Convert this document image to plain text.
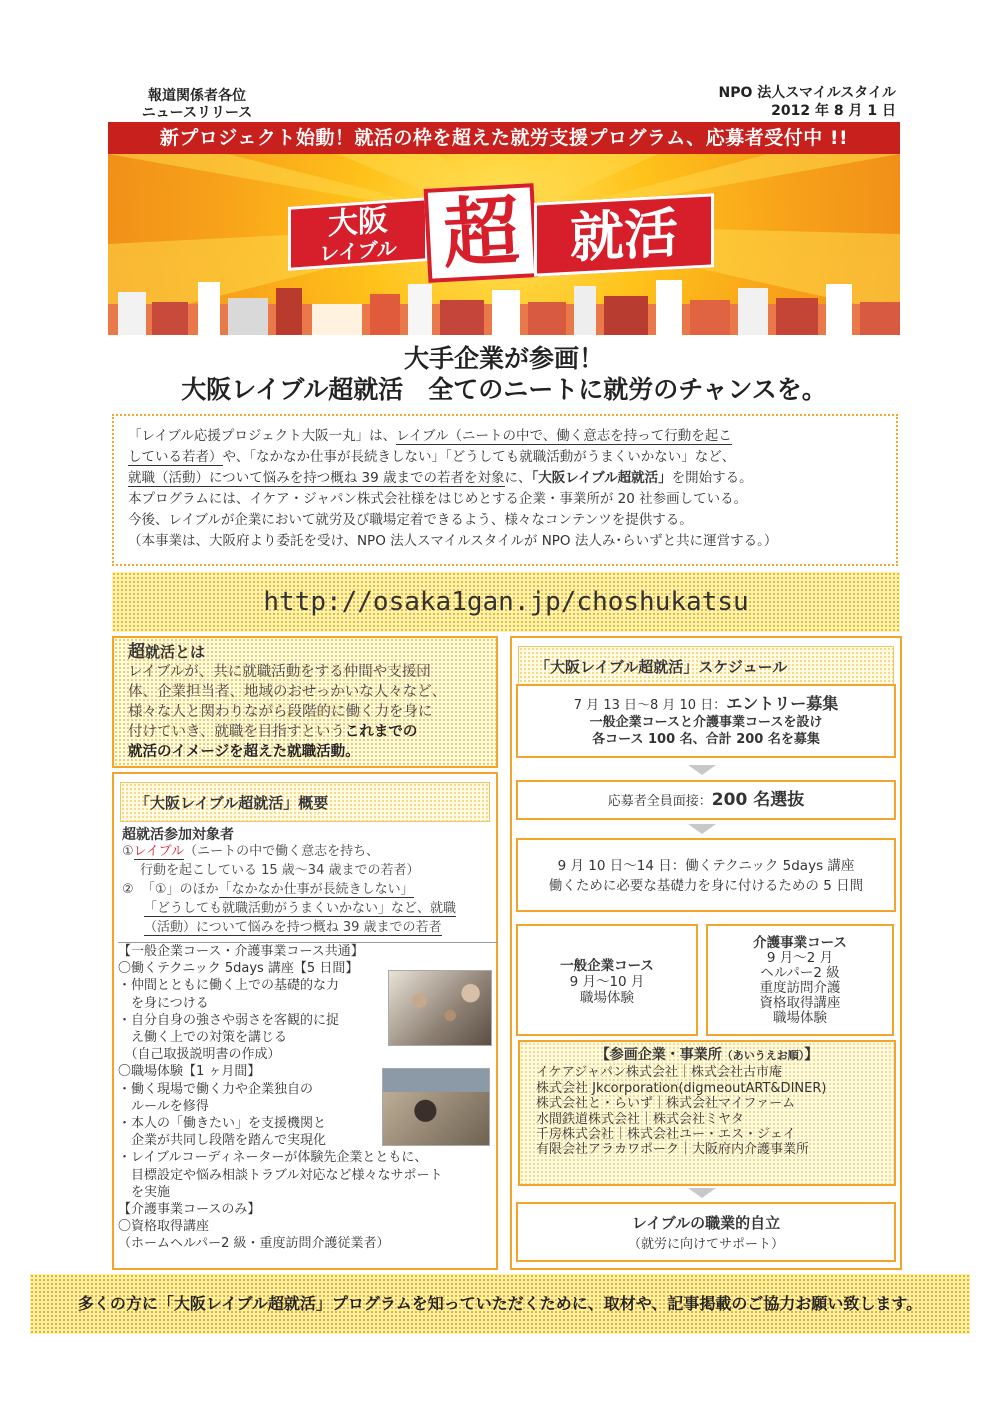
報道関係者各位
ニュースリリース
NPO 法人スマイルスタイル
2012 年 8 月 1 日
新プロジェクト始動！就活の枠を超えた就労支援プログラム、応募者受付中 !!
大阪
レイブル 超 就活
大手企業が参画！
大阪レイブル超就活　全てのニートに就労のチャンスを。

「レイブル応援プロジェクト大阪一丸」は、レイブル（ニートの中で、働く意志を持って行動を起こ

している若者）や、「なかなか仕事が長続きしない」「どうしても就職活動がうまくいかない」など、

就職（活動）について悩みを持つ概ね 39 歳までの若者を対象に、「大阪レイブル超就活」を開始する。

本プログラムには、イケア・ジャパン株式会社様をはじめとする企業・事業所が 20 社参画している。

今後、レイブルが企業において就労及び職場定着できるよう、様々なコンテンツを提供する。

（本事業は、大阪府より委託を受け、NPO 法人スマイルスタイルが NPO 法人み･らいずと共に運営する。）

http://osaka1gan.jp/choshukatsu
超就活とは
レイブルが、共に就職活動をする仲間や支援団
体、企業担当者、地域のおせっかいな人々など、
様々な人と関わりながら段階的に働く力を身に
付けていき、就職を目指すというこれまでの
就活のイメージを超えた就職活動。
「大阪レイブル超就活」概要
超就活参加対象者
①レイブル（ニートの中で働く意志を持ち、
行動を起こしている 15 歳～34 歳までの若者）
② 「①」のほか「なかなか仕事が長続きしない」
「どうしても就職活動がうまくいかない」など、就職
（活動）について悩みを持つ概ね 39 歳までの若者
【一般企業コース・介護事業コース共通】
〇働くテクニック 5days 講座【5 日間】
・仲間とともに働く上での基礎的な力
　を身につける
・自分自身の強さや弱さを客観的に捉
　え働く上での対策を講じる
　（自己取扱説明書の作成）
〇職場体験【1 ヶ月間】
・働く現場で働く力や企業独自の
　ルールを修得
・本人の「働きたい」を支援機関と
　企業が共同し段階を踏んで実現化
・レイブルコーディネーターが体験先企業とともに、
　目標設定や悩み相談トラブル対応など様々なサポート
　を実施
【介護事業コースのみ】
〇資格取得講座
（ホームヘルパー2 級・重度訪問介護従業者）
「大阪レイブル超就活」スケジュール
7 月 13 日～8 月 10 日：エントリー募集
一般企業コースと介護事業コースを設け
各コース 100 名、合計 200 名を募集
応募者全員面接：200 名選抜
9 月 10 日～14 日：働くテクニック 5days 講座
働くために必要な基礎力を身に付けるための 5 日間
一般企業コース
9 月～10 月
職場体験
介護事業コース
9 月～2 月
ヘルパー2 級
重度訪問介護
資格取得講座
職場体験
【参画企業・事業所（あいうえお順）】
イケアジャパン株式会社｜株式会社古市庵
株式会社 Jkcorporation(digmeoutART&DINER)
株式会社と・らいず｜株式会社マイファーム
水間鉄道株式会社｜株式会社ミヤタ
千房株式会社｜株式会社ユー・エス・ジェイ
有限会社アラカワポーク｜大阪府内介護事業所
レイブルの職業的自立
（就労に向けてサポート）
多くの方に「大阪レイブル超就活」プログラムを知っていただくために、取材や、記事掲載のご協力お願い致します。
